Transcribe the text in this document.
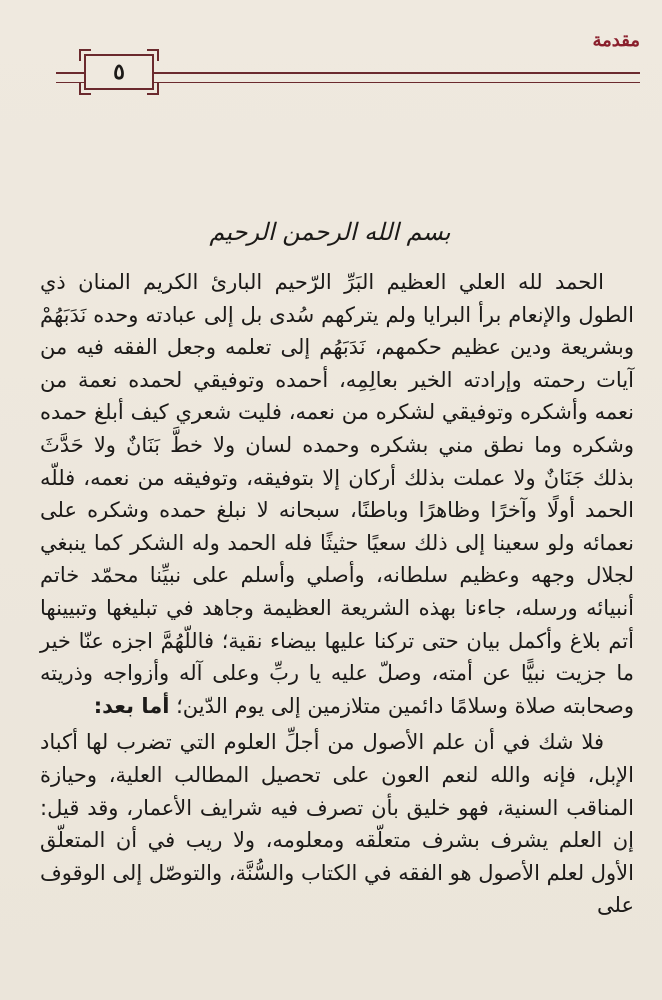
مقدمة
٥
بسم الله الرحمن الرحيم

الحمد لله العلي العظيم البَرِّ الرّحيم البارئ الكريم المنان ذي الطول والإنعام برأ البرايا ولم يتركهم سُدى بل إلى عبادته وحده نَدَبَهُمْ وبشريعة ودين عظيم حكمهم، نَدَبَهُم إلى تعلمه وجعل الفقه فيه من آيات رحمته وإرادته الخير بعالِمِه، أحمده وتوفيقي لحمده نعمة من نعمه وأشكره وتوفيقي لشكره من نعمه، فليت شعري كيف أبلغ حمده وشكره وما نطق مني بشكره وحمده لسان ولا خطَّ بَنَانٌ ولا حَدَّثَ بذلك جَنَانٌ ولا عملت بذلك أركان إلا بتوفيقه، وتوفيقه من نعمه، فللّه الحمد أولًا وآخرًا وظاهرًا وباطنًا، سبحانه لا نبلغ حمده وشكره على نعمائه ولو سعينا إلى ذلك سعيًا حثيثًا فله الحمد وله الشكر كما ينبغي لجلال وجهه وعظيم سلطانه، وأصلي وأسلم على نبيِّنا محمّد خاتم أنبيائه ورسله، جاءنا بهذه الشريعة العظيمة وجاهد في تبليغها وتبيينها أتم بلاغ وأكمل بيان حتى تركنا عليها بيضاء نقية؛ فاللّهُمَّ اجزه عنّا خير ما جزيت نبيًّا عن أمته، وصلّ عليه يا ربِّ وعلى آله وأزواجه وذريته وصحابته صلاة وسلامًا دائمين متلازمين إلى يوم الدّين؛ أما بعد:

فلا شك في أن علم الأصول من أجلِّ العلوم التي تضرب لها أكباد الإبل، فإنه والله لنعم العون على تحصيل المطالب العلية، وحيازة المناقب السنية، فهو خليق بأن تصرف فيه شرايف الأعمار، وقد قيل: إن العلم يشرف بشرف متعلّقه ومعلومه، ولا ريب في أن المتعلّق الأول لعلم الأصول هو الفقه في الكتاب والسُّنَّة، والتوصّل إلى الوقوف على
